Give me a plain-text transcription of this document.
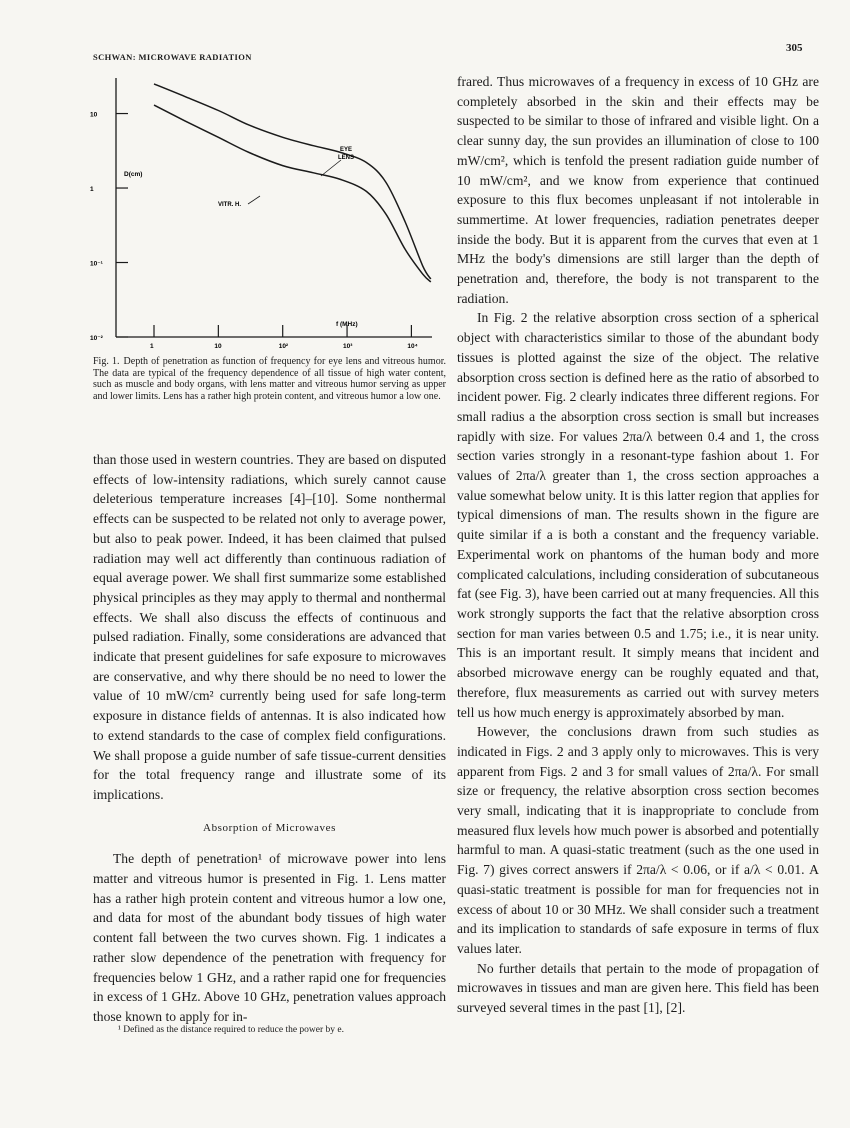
SCHWAN: MICROWAVE RADIATION
305
10
1
10⁻¹
10⁻²
1	10	10²	10³	10⁴
D(cm)
f (MHz)
EYE
LENS
VITR. H.
Fig. 1. Depth of penetration as function of frequency for eye lens and vitreous humor. The data are typical of the frequency dependence of all tissue of high water content, such as muscle and body organs, with lens matter and vitreous humor serving as upper and lower limits. Lens has a rather high protein content, and vitreous humor a low one.

than those used in western countries. They are based on disputed effects of low-intensity radiations, which surely cannot cause deleterious temperature increases [4]–[10]. Some nonthermal effects can be suspected to be related not only to average power, but also to peak power. Indeed, it has been claimed that pulsed radiation may well act differently than continuous radiation of equal average power. We shall first summarize some established physical principles as they may apply to thermal and nonthermal effects. We shall also discuss the effects of continuous and pulsed radiation. Finally, some considerations are advanced that indicate that present guidelines for safe exposure to microwaves are conservative, and why there should be no need to lower the value of 10 mW/cm² currently being used for safe long-term exposure in distance fields of antennas. It is also indicated how to extend standards to the case of complex field configurations. We shall propose a guide number of safe tissue-current densities for the total frequency range and illustrate some of its implications.

Absorption of Microwaves

The depth of penetration¹ of microwave power into lens matter and vitreous humor is presented in Fig. 1. Lens matter has a rather high protein content and vitreous humor a low one, and data for most of the abundant body tissues of high water content fall between the two curves shown. Fig. 1 indicates a rather slow dependence of the penetration with frequency for frequencies below 1 GHz, and a rather rapid one for frequencies in excess of 1 GHz. Above 10 GHz, penetration values approach those known to apply for in-

¹ Defined as the distance required to reduce the power by e.

frared. Thus microwaves of a frequency in excess of 10 GHz are completely absorbed in the skin and their effects may be suspected to be similar to those of infrared and visible light. On a clear sunny day, the sun provides an illumination of close to 100 mW/cm², which is tenfold the present radiation guide number of 10 mW/cm², and we know from experience that continued exposure to this flux becomes unpleasant if not intolerable in summertime. At lower frequencies, radiation penetrates deeper inside the body. But it is apparent from the curves that even at 1 MHz the body's dimensions are still larger than the depth of penetration and, therefore, the body is not transparent to the radiation.

In Fig. 2 the relative absorption cross section of a spherical object with characteristics similar to those of the abundant body tissues is plotted against the size of the object. The relative absorption cross section is defined here as the ratio of absorbed to incident power. Fig. 2 clearly indicates three different regions. For small radius a the absorption cross section is small but increases rapidly with size. For values 2πa/λ between 0.4 and 1, the cross section varies strongly in a resonant-type fashion about 1. For values of 2πa/λ greater than 1, the cross section approaches a value somewhat below unity. It is this latter region that applies for typical dimensions of man. The results shown in the figure are quite similar if a is both a constant and the frequency variable. Experimental work on phantoms of the human body and more complicated calculations, including consideration of subcutaneous fat (see Fig. 3), have been carried out at many frequencies. All this work strongly supports the fact that the relative absorption cross section for man varies between 0.5 and 1.75; i.e., it is near unity. This is an important result. It simply means that incident and absorbed microwave energy can be roughly equated and that, therefore, flux measurements as carried out with survey meters tell us how much energy is approximately absorbed by man.

However, the conclusions drawn from such studies as indicated in Figs. 2 and 3 apply only to microwaves. This is very apparent from Figs. 2 and 3 for small values of 2πa/λ. For small size or frequency, the relative absorption cross section becomes very small, indicating that it is inappropriate to conclude from measured flux levels how much power is absorbed and potentially harmful to man. A quasi-static treatment (such as the one used in Fig. 7) gives correct answers if 2πa/λ < 0.06, or if a/λ < 0.01. A quasi-static treatment is possible for man for frequencies not in excess of about 10 or 30 MHz. We shall consider such a treatment and its implication to standards of safe exposure in terms of flux values later.

No further details that pertain to the mode of propagation of microwaves in tissues and man are given here. This field has been surveyed several times in the past [1], [2].
